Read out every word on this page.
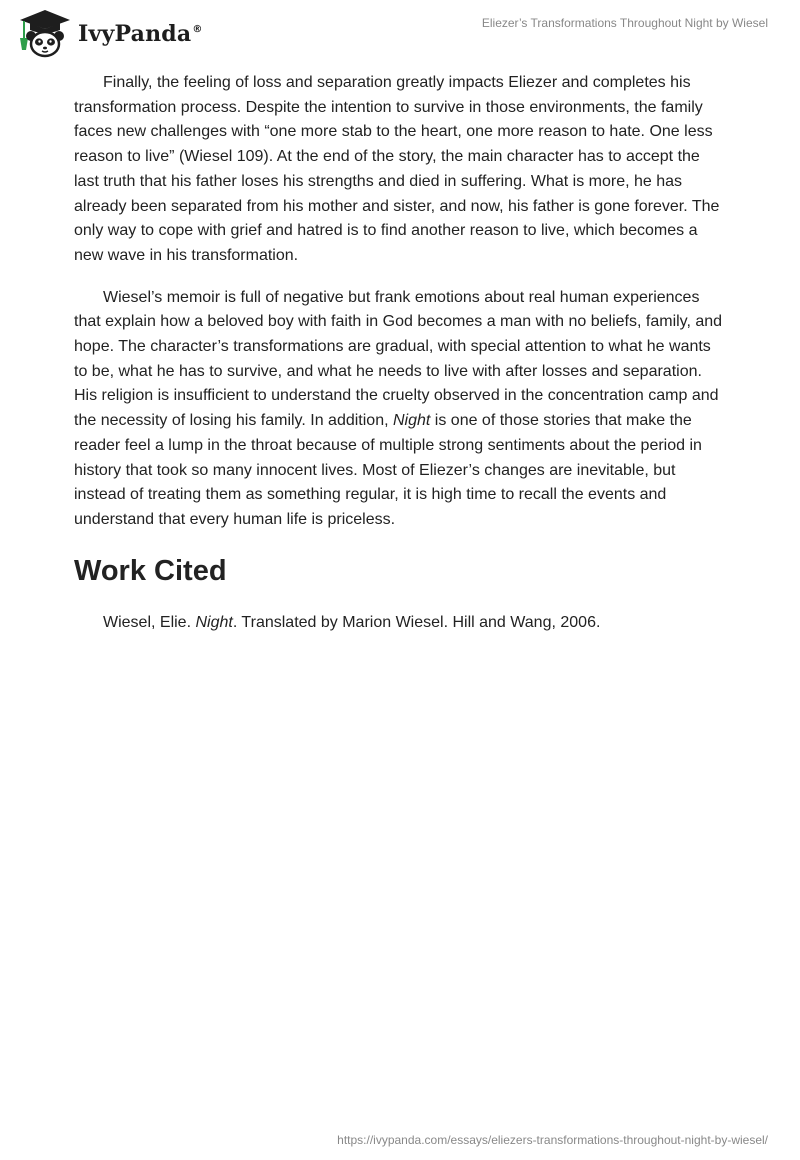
IvyPanda®	Eliezer’s Transformations Throughout Night by Wiesel

Finally, the feeling of loss and separation greatly impacts Eliezer and completes his transformation process. Despite the intention to survive in those environments, the family faces new challenges with “one more stab to the heart, one more reason to hate. One less reason to live” (Wiesel 109). At the end of the story, the main character has to accept the last truth that his father loses his strengths and died in suffering. What is more, he has already been separated from his mother and sister, and now, his father is gone forever. The only way to cope with grief and hatred is to find another reason to live, which becomes a new wave in his transformation.

Wiesel’s memoir is full of negative but frank emotions about real human experiences that explain how a beloved boy with faith in God becomes a man with no beliefs, family, and hope. The character’s transformations are gradual, with special attention to what he wants to be, what he has to survive, and what he needs to live with after losses and separation. His religion is insufficient to understand the cruelty observed in the concentration camp and the necessity of losing his family. In addition, Night is one of those stories that make the reader feel a lump in the throat because of multiple strong sentiments about the period in history that took so many innocent lives. Most of Eliezer’s changes are inevitable, but instead of treating them as something regular, it is high time to recall the events and understand that every human life is priceless.

Work Cited

Wiesel, Elie. Night. Translated by Marion Wiesel. Hill and Wang, 2006.

https://ivypanda.com/essays/eliezers-transformations-throughout-night-by-wiesel/
